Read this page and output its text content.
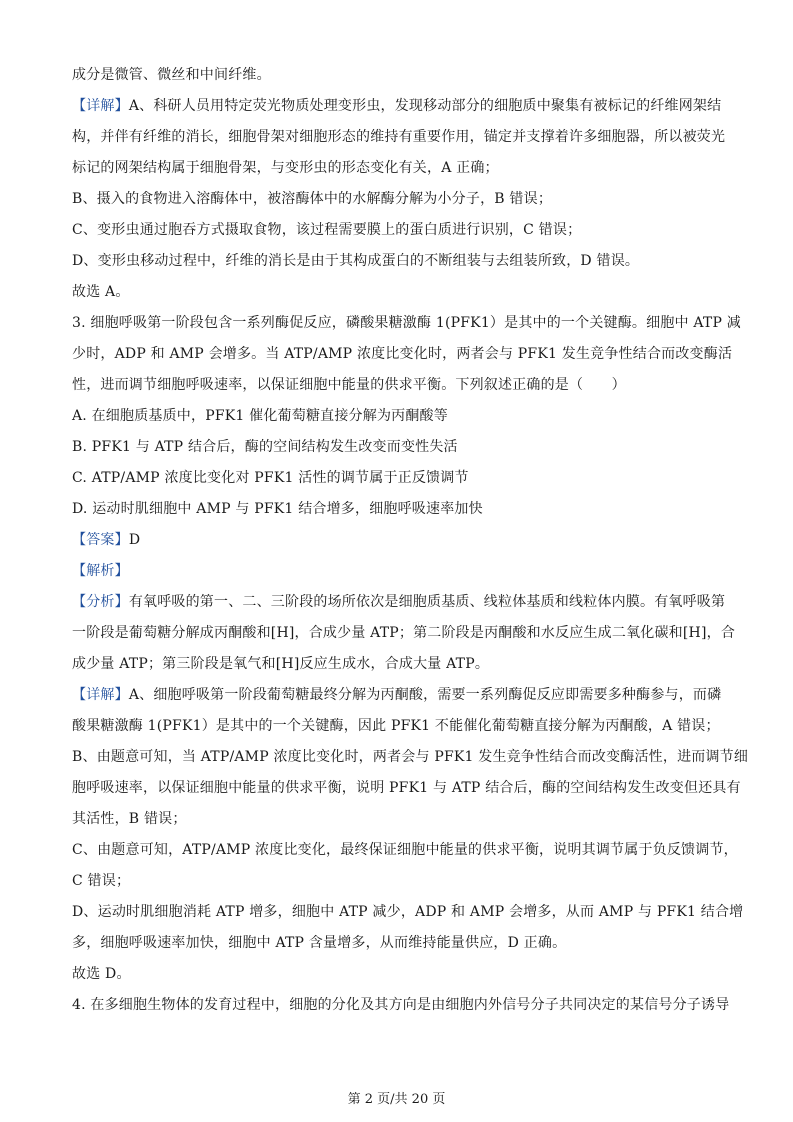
成分是微管、微丝和中间纤维。
【详解】A、科研人员用特定荧光物质处理变形虫，发现移动部分的细胞质中聚集有被标记的纤维网架结
构，并伴有纤维的消长，细胞骨架对细胞形态的维持有重要作用，锚定并支撑着许多细胞器，所以被荧光
标记的网架结构属于细胞骨架，与变形虫的形态变化有关，A 正确；
B、摄入的食物进入溶酶体中，被溶酶体中的水解酶分解为小分子，B 错误；
C、变形虫通过胞吞方式摄取食物，该过程需要膜上的蛋白质进行识别，C 错误；
D、变形虫移动过程中，纤维的消长是由于其构成蛋白的不断组装与去组装所致，D 错误。
故选 A。
3. 细胞呼吸第一阶段包含一系列酶促反应，磷酸果糖激酶 1(PFK1）是其中的一个关键酶。细胞中 ATP 减
少时，ADP 和 AMP 会增多。当 ATP/AMP 浓度比变化时，两者会与 PFK1 发生竞争性结合而改变酶活
性，进而调节细胞呼吸速率，以保证细胞中能量的供求平衡。下列叙述正确的是（　　）
A. 在细胞质基质中，PFK1 催化葡萄糖直接分解为丙酮酸等
B. PFK1 与 ATP 结合后，酶的空间结构发生改变而变性失活
C. ATP/AMP 浓度比变化对 PFK1 活性的调节属于正反馈调节
D. 运动时肌细胞中 AMP 与 PFK1 结合增多，细胞呼吸速率加快
【答案】D
【解析】
【分析】有氧呼吸的第一、二、三阶段的场所依次是细胞质基质、线粒体基质和线粒体内膜。有氧呼吸第
一阶段是葡萄糖分解成丙酮酸和[H]，合成少量 ATP；第二阶段是丙酮酸和水反应生成二氧化碳和[H]，合
成少量 ATP；第三阶段是氧气和[H]反应生成水，合成大量 ATP。
【详解】A、细胞呼吸第一阶段葡萄糖最终分解为丙酮酸，需要一系列酶促反应即需要多种酶参与，而磷
酸果糖激酶 1(PFK1）是其中的一个关键酶，因此 PFK1 不能催化葡萄糖直接分解为丙酮酸，A 错误；
B、由题意可知，当 ATP/AMP 浓度比变化时，两者会与 PFK1 发生竞争性结合而改变酶活性，进而调节细
胞呼吸速率，以保证细胞中能量的供求平衡，说明 PFK1 与 ATP 结合后，酶的空间结构发生改变但还具有
其活性，B 错误；
C、由题意可知，ATP/AMP 浓度比变化，最终保证细胞中能量的供求平衡，说明其调节属于负反馈调节，
C 错误；
D、运动时肌细胞消耗 ATP 增多，细胞中 ATP 减少，ADP 和 AMP 会增多，从而 AMP 与 PFK1 结合增
多，细胞呼吸速率加快，细胞中 ATP 含量增多，从而维持能量供应，D 正确。
故选 D。
4. 在多细胞生物体的发育过程中，细胞的分化及其方向是由细胞内外信号分子共同决定的某信号分子诱导
第 2 页/共 20 页
